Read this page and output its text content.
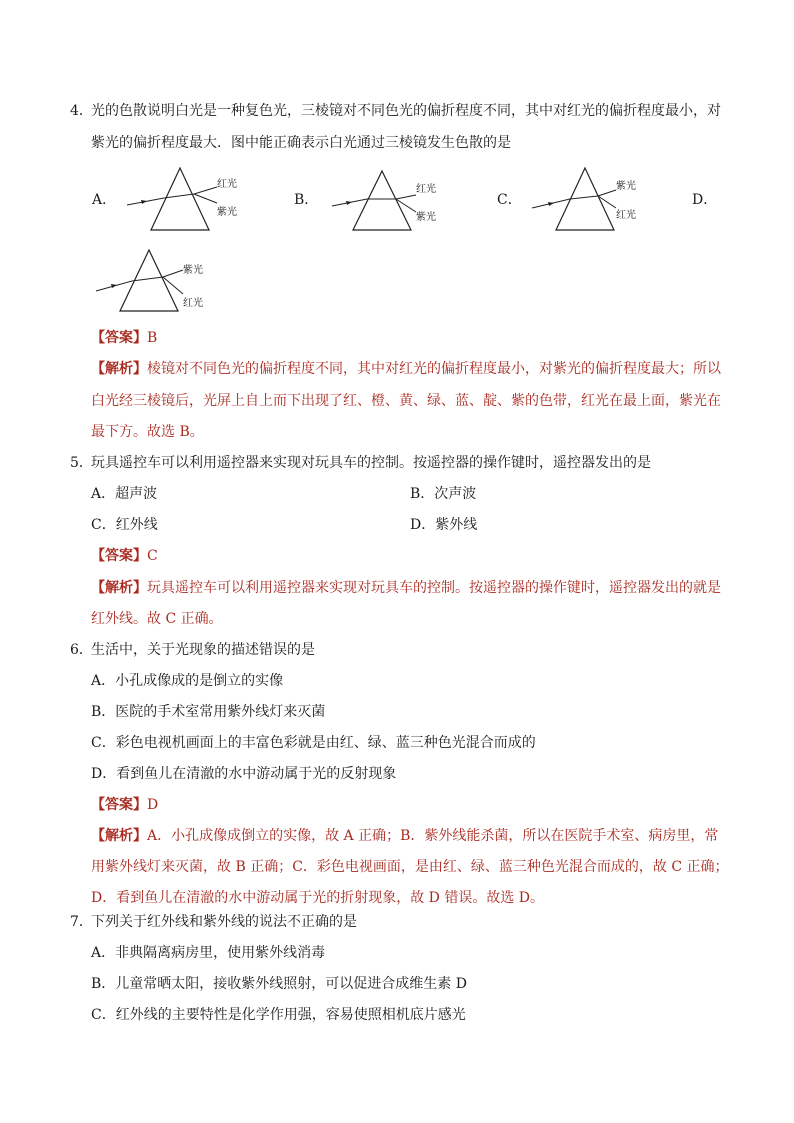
4．
光的色散说明白光是一种复色光，三棱镜对不同色光的偏折程度不同，其中对红光的偏折程度最小，对
紫光的偏折程度最大．图中能正确表示白光通过三棱镜发生色散的是
A．
红光
紫光
B．
红光
紫光
C．
紫光
红光
D．
紫光
红光
【答案】B
【解析】棱镜对不同色光的偏折程度不同，其中对红光的偏折程度最小，对紫光的偏折程度最大；所以
白光经三棱镜后，光屏上自上而下出现了红、橙、黄、绿、蓝、靛、紫的色带，红光在最上面，紫光在
最下方。故选 B。
5．
玩具遥控车可以利用遥控器来实现对玩具车的控制。按遥控器的操作键时，遥控器发出的是
A．超声波	B．次声波
C．红外线	D．紫外线
【答案】C
【解析】玩具遥控车可以利用遥控器来实现对玩具车的控制。按遥控器的操作键时，遥控器发出的就是
红外线。故 C 正确。
6．
生活中，关于光现象的描述错误的是
A．小孔成像成的是倒立的实像
B．医院的手术室常用紫外线灯来灭菌
C．彩色电视机画面上的丰富色彩就是由红、绿、蓝三种色光混合而成的
D．看到鱼儿在清澈的水中游动属于光的反射现象
【答案】D
【解析】A．小孔成像成倒立的实像，故 A 正确；B．紫外线能杀菌，所以在医院手术室、病房里，常
用紫外线灯来灭菌，故 B 正确；C．彩色电视画面，是由红、绿、蓝三种色光混合而成的，故 C 正确；
D．看到鱼儿在清澈的水中游动属于光的折射现象，故 D 错误。故选 D。
7．
下列关于红外线和紫外线的说法不正确的是
A．非典隔离病房里，使用紫外线消毒
B．儿童常晒太阳，接收紫外线照射，可以促进合成维生素 D
C．红外线的主要特性是化学作用强，容易使照相机底片感光
